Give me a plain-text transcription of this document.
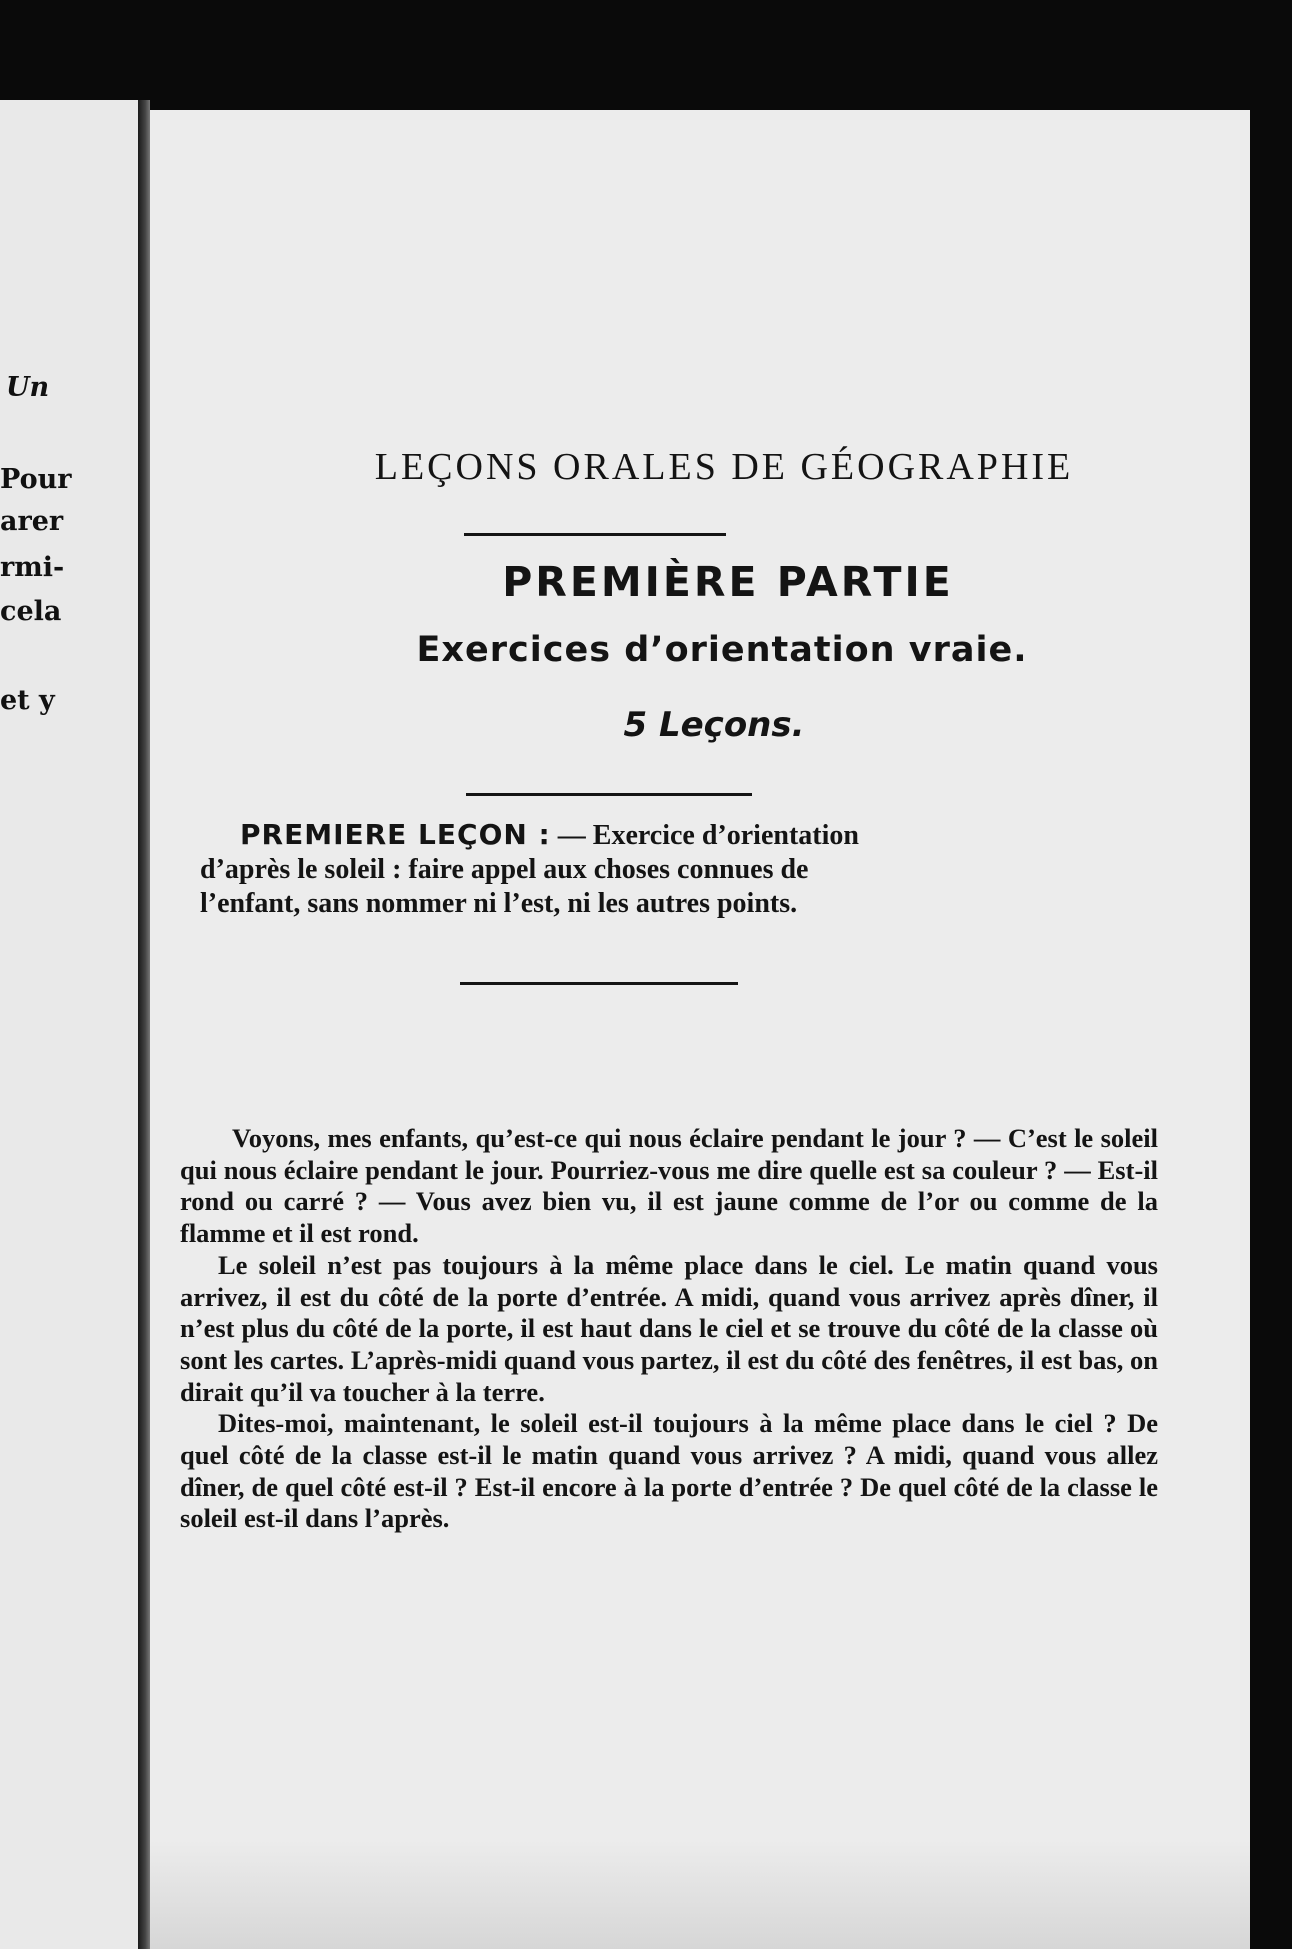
Un
Pour
arer
rmi-
cela
et y
LEÇONS ORALES DE GÉOGRAPHIE
PREMIÈRE PARTIE
Exercices d’orientation vraie.
5 Leçons.
PREMIERE LEÇON : — Exercice d’orientation
d’après le soleil : faire appel aux choses connues de
l’enfant, sans nommer ni l’est, ni les autres points.

Voyons, mes enfants, qu’est-ce qui nous éclaire pendant le jour ? — C’est le soleil qui nous éclaire pendant le jour. Pourriez-vous me dire quelle est sa couleur ? — Est-il rond ou carré ? — Vous avez bien vu, il est jaune comme de l’or ou comme de la flamme et il est rond.

Le soleil n’est pas toujours à la même place dans le ciel. Le matin quand vous arrivez, il est du côté de la porte d’entrée. A midi, quand vous arrivez après dîner, il n’est plus du côté de la porte, il est haut dans le ciel et se trouve du côté de la classe où sont les cartes. L’après-midi quand vous partez, il est du côté des fenêtres, il est bas, on dirait qu’il va toucher à la terre.

Dites-moi, maintenant, le soleil est-il toujours à la même place dans le ciel ? De quel côté de la classe est-il le matin quand vous arrivez ? A midi, quand vous allez dîner, de quel côté est-il ? Est-il encore à la porte d’entrée ? De quel côté de la classe le soleil est-il dans l’après.
